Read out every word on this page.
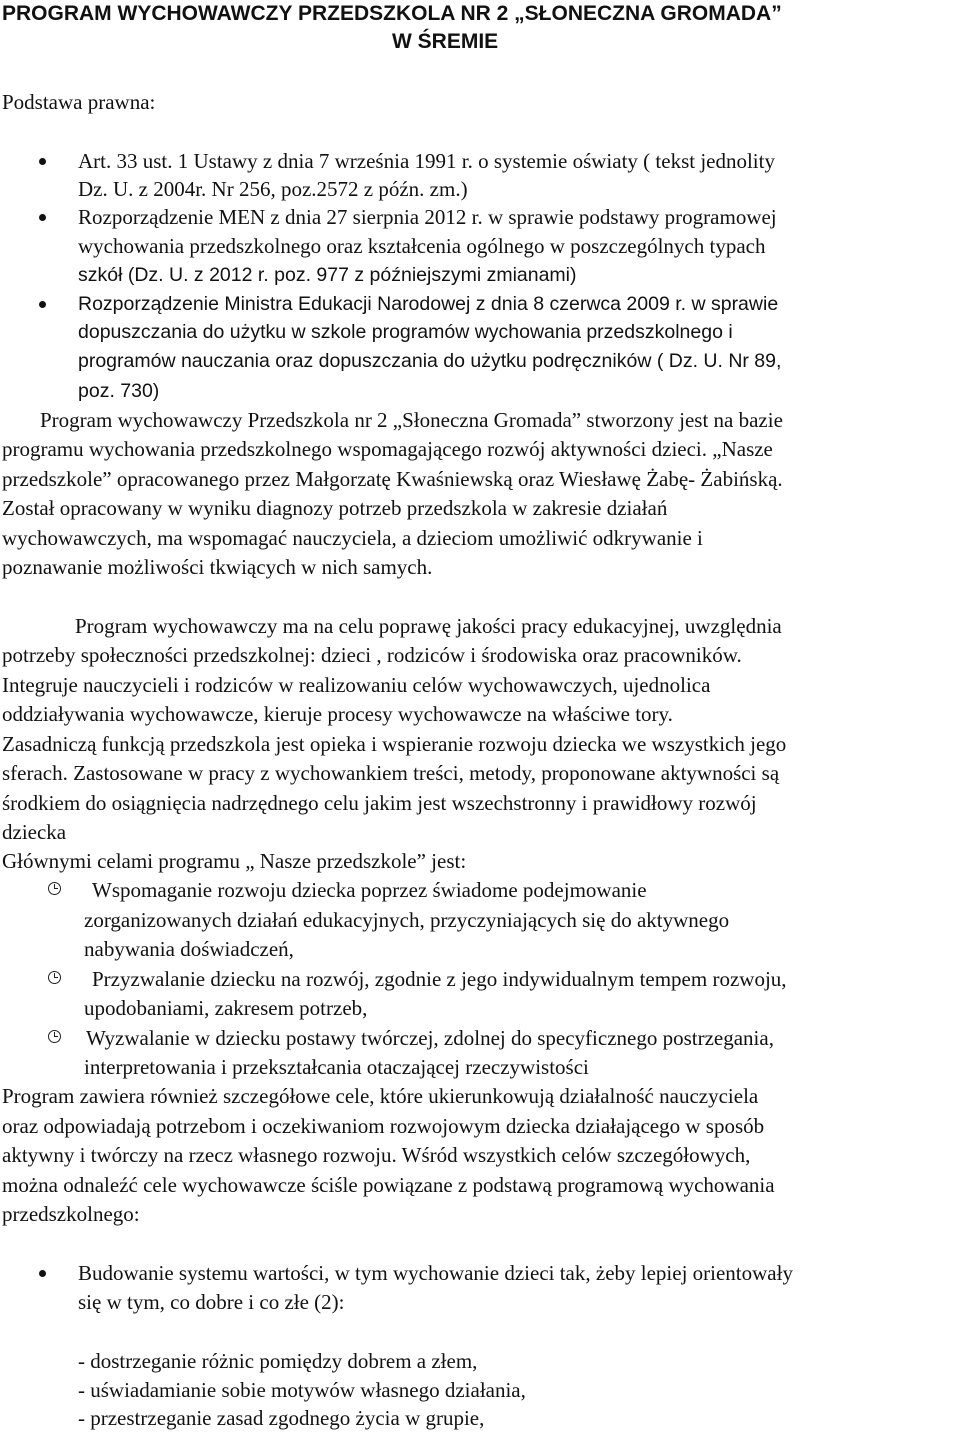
PROGRAM WYCHOWAWCZY PRZEDSZKOLA NR 2 „SŁONECZNA GROMADA”
W ŚREMIE
Podstawa prawna:
Art. 33 ust. 1 Ustawy z dnia 7 września 1991 r. o systemie oświaty ( tekst jednolity
Dz. U. z 2004r. Nr 256, poz.2572 z późn. zm.)
Rozporządzenie MEN z dnia 27 sierpnia 2012 r. w sprawie podstawy programowej
wychowania przedszkolnego oraz kształcenia ogólnego w poszczególnych typach
szkół (Dz. U. z 2012 r. poz. 977 z późniejszymi zmianami)
Rozporządzenie Ministra Edukacji Narodowej z dnia 8 czerwca 2009 r. w sprawie
dopuszczania do użytku w szkole programów wychowania przedszkolnego i
programów nauczania oraz dopuszczania do użytku podręczników ( Dz. U. Nr 89,
poz. 730)
Program wychowawczy Przedszkola nr 2 „Słoneczna Gromada” stworzony jest na bazie
programu wychowania przedszkolnego wspomagającego rozwój aktywności dzieci. „Nasze
przedszkole” opracowanego przez Małgorzatę Kwaśniewską oraz Wiesławę Żabę- Żabińską.
Został opracowany w wyniku diagnozy potrzeb przedszkola w zakresie działań
wychowawczych, ma wspomagać nauczyciela, a dzieciom umożliwić odkrywanie i
poznawanie możliwości tkwiących w nich samych.
Program wychowawczy ma na celu poprawę jakości pracy edukacyjnej, uwzględnia
potrzeby społeczności przedszkolnej: dzieci , rodziców i środowiska oraz pracowników.
Integruje nauczycieli i rodziców w realizowaniu celów wychowawczych, ujednolica
oddziaływania wychowawcze, kieruje procesy wychowawcze na właściwe tory.
Zasadniczą funkcją przedszkola jest opieka i wspieranie rozwoju dziecka we wszystkich jego
sferach. Zastosowane w pracy z wychowankiem treści, metody, proponowane aktywności są
środkiem do osiągnięcia nadrzędnego celu jakim jest wszechstronny i prawidłowy rozwój
dziecka
Głównymi celami programu „ Nasze przedszkole” jest:
Wspomaganie rozwoju dziecka poprzez świadome podejmowanie
zorganizowanych działań edukacyjnych, przyczyniających się do aktywnego
nabywania doświadczeń,
Przyzwalanie dziecku na rozwój, zgodnie z jego indywidualnym tempem rozwoju,
upodobaniami, zakresem potrzeb,
Wyzwalanie w dziecku postawy twórczej, zdolnej do specyficznego postrzegania,
interpretowania i przekształcania otaczającej rzeczywistości
Program zawiera również szczegółowe cele, które ukierunkowują działalność nauczyciela
oraz odpowiadają potrzebom i oczekiwaniom rozwojowym dziecka działającego w sposób
aktywny i twórczy na rzecz własnego rozwoju. Wśród wszystkich celów szczegółowych,
można odnaleźć cele wychowawcze ściśle powiązane z podstawą programową wychowania
przedszkolnego:
Budowanie systemu wartości, w tym wychowanie dzieci tak, żeby lepiej orientowały
się w tym, co dobre i co złe (2):
- dostrzeganie różnic pomiędzy dobrem a złem,
- uświadamianie sobie motywów własnego działania,
- przestrzeganie zasad zgodnego życia w grupie,
